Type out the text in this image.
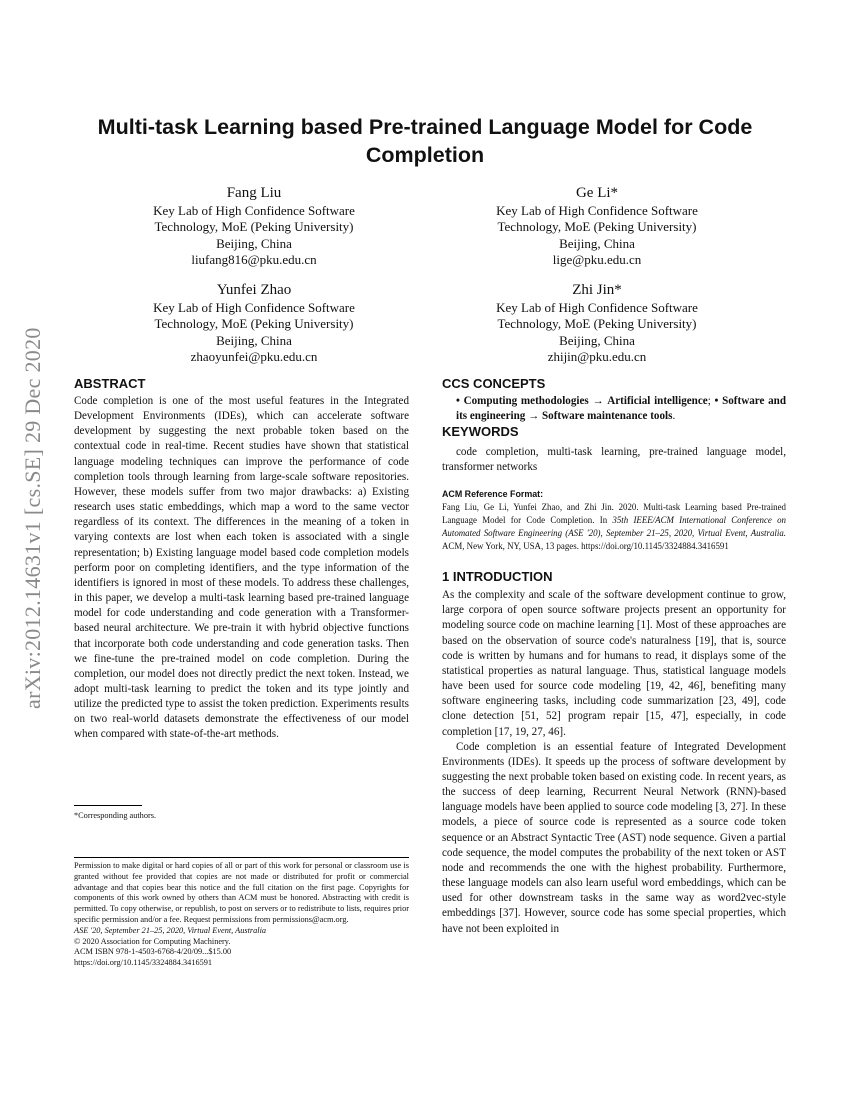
arXiv:2012.14631v1 [cs.SE] 29 Dec 2020
Multi-task Learning based Pre-trained Language Model for Code Completion
Fang Liu
Key Lab of High Confidence Software
Technology, MoE (Peking University)
Beijing, China
liufang816@pku.edu.cn
Ge Li*
Key Lab of High Confidence Software
Technology, MoE (Peking University)
Beijing, China
lige@pku.edu.cn
Yunfei Zhao
Key Lab of High Confidence Software
Technology, MoE (Peking University)
Beijing, China
zhaoyunfei@pku.edu.cn
Zhi Jin*
Key Lab of High Confidence Software
Technology, MoE (Peking University)
Beijing, China
zhijin@pku.edu.cn
ABSTRACT

Code completion is one of the most useful features in the Integrated Development Environments (IDEs), which can accelerate software development by suggesting the next probable token based on the contextual code in real-time. Recent studies have shown that statistical language modeling techniques can improve the performance of code completion tools through learning from large-scale software repositories. However, these models suffer from two major drawbacks: a) Existing research uses static embeddings, which map a word to the same vector regardless of its context. The differences in the meaning of a token in varying contexts are lost when each token is associated with a single representation; b) Existing language model based code completion models perform poor on completing identifiers, and the type information of the identifiers is ignored in most of these models. To address these challenges, in this paper, we develop a multi-task learning based pre-trained language model for code understanding and code generation with a Transformer-based neural architecture. We pre-train it with hybrid objective functions that incorporate both code understanding and code generation tasks. Then we fine-tune the pre-trained model on code completion. During the completion, our model does not directly predict the next token. Instead, we adopt multi-task learning to predict the token and its type jointly and utilize the predicted type to assist the token prediction. Experiments results on two real-world datasets demonstrate the effectiveness of our model when compared with state-of-the-art methods.

*Corresponding authors.

Permission to make digital or hard copies of all or part of this work for personal or classroom use is granted without fee provided that copies are not made or distributed for profit or commercial advantage and that copies bear this notice and the full citation on the first page. Copyrights for components of this work owned by others than ACM must be honored. Abstracting with credit is permitted. To copy otherwise, or republish, to post on servers or to redistribute to lists, requires prior specific permission and/or a fee. Request permissions from permissions@acm.org.

ASE '20, September 21–25, 2020, Virtual Event, Australia

© 2020 Association for Computing Machinery.

ACM ISBN 978-1-4503-6768-4/20/09...$15.00

https://doi.org/10.1145/3324884.3416591

CCS CONCEPTS

• Computing methodologies → Artificial intelligence; • Software and its engineering → Software maintenance tools.

KEYWORDS

code completion, multi-task learning, pre-trained language model, transformer networks

ACM Reference Format:

Fang Liu, Ge Li, Yunfei Zhao, and Zhi Jin. 2020. Multi-task Learning based Pre-trained Language Model for Code Completion. In 35th IEEE/ACM International Conference on Automated Software Engineering (ASE '20), September 21–25, 2020, Virtual Event, Australia. ACM, New York, NY, USA, 13 pages. https://doi.org/10.1145/3324884.3416591

1 INTRODUCTION

As the complexity and scale of the software development continue to grow, large corpora of open source software projects present an opportunity for modeling source code on machine learning [1]. Most of these approaches are based on the observation of source code's naturalness [19], that is, source code is written by humans and for humans to read, it displays some of the statistical properties as natural language. Thus, statistical language models have been used for source code modeling [19, 42, 46], benefiting many software engineering tasks, including code summarization [23, 49], code clone detection [51, 52] program repair [15, 47], especially, in code completion [17, 19, 27, 46].

Code completion is an essential feature of Integrated Development Environments (IDEs). It speeds up the process of software development by suggesting the next probable token based on existing code. In recent years, as the success of deep learning, Recurrent Neural Network (RNN)-based language models have been applied to source code modeling [3, 27]. In these models, a piece of source code is represented as a source code token sequence or an Abstract Syntactic Tree (AST) node sequence. Given a partial code sequence, the model computes the probability of the next token or AST node and recommends the one with the highest probability. Furthermore, these language models can also learn useful word embeddings, which can be used for other downstream tasks in the same way as word2vec-style embeddings [37]. However, source code has some special properties, which have not been exploited in
